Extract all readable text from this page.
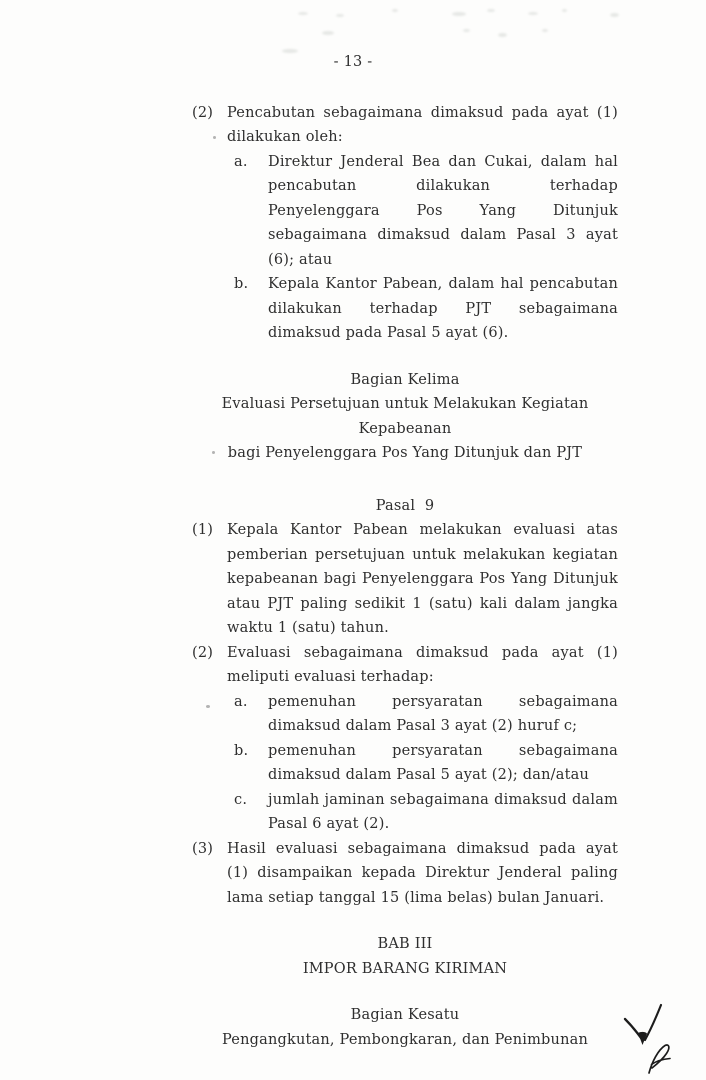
- 13 -
(2) Pencabutan sebagaimana dimaksud pada ayat (1) dilakukan oleh:
a.	Direktur Jenderal Bea dan Cukai, dalam hal pencabutan dilakukan terhadap Penyelenggara Pos Yang Ditunjuk sebagaimana dimaksud dalam Pasal 3 ayat (6); atau
b.	Kepala Kantor Pabean, dalam hal pencabutan dilakukan terhadap PJT sebagaimana dimaksud pada Pasal 5 ayat (6).
Bagian Kelima
Evaluasi Persetujuan untuk Melakukan Kegiatan Kepabeanan
bagi Penyelenggara Pos Yang Ditunjuk dan PJT
Pasal  9
(1) Kepala Kantor Pabean melakukan evaluasi atas pemberian persetujuan untuk melakukan kegiatan kepabeanan bagi Penyelenggara Pos Yang Ditunjuk atau PJT paling sedikit 1 (satu) kali dalam jangka waktu 1 (satu) tahun.
(2) Evaluasi sebagaimana dimaksud pada ayat (1) meliputi evaluasi terhadap:
a.	pemenuhan persyaratan sebagaimana dimaksud dalam Pasal 3 ayat (2) huruf c;
b.	pemenuhan persyaratan sebagaimana dimaksud dalam Pasal 5 ayat (2); dan/atau
c.	jumlah jaminan sebagaimana dimaksud dalam Pasal 6 ayat (2).
(3) Hasil evaluasi sebagaimana dimaksud pada ayat (1) disampaikan kepada Direktur Jenderal paling lama setiap tanggal 15 (lima belas) bulan Januari.
BAB III
IMPOR BARANG KIRIMAN
Bagian Kesatu
Pengangkutan, Pembongkaran, dan Penimbunan
